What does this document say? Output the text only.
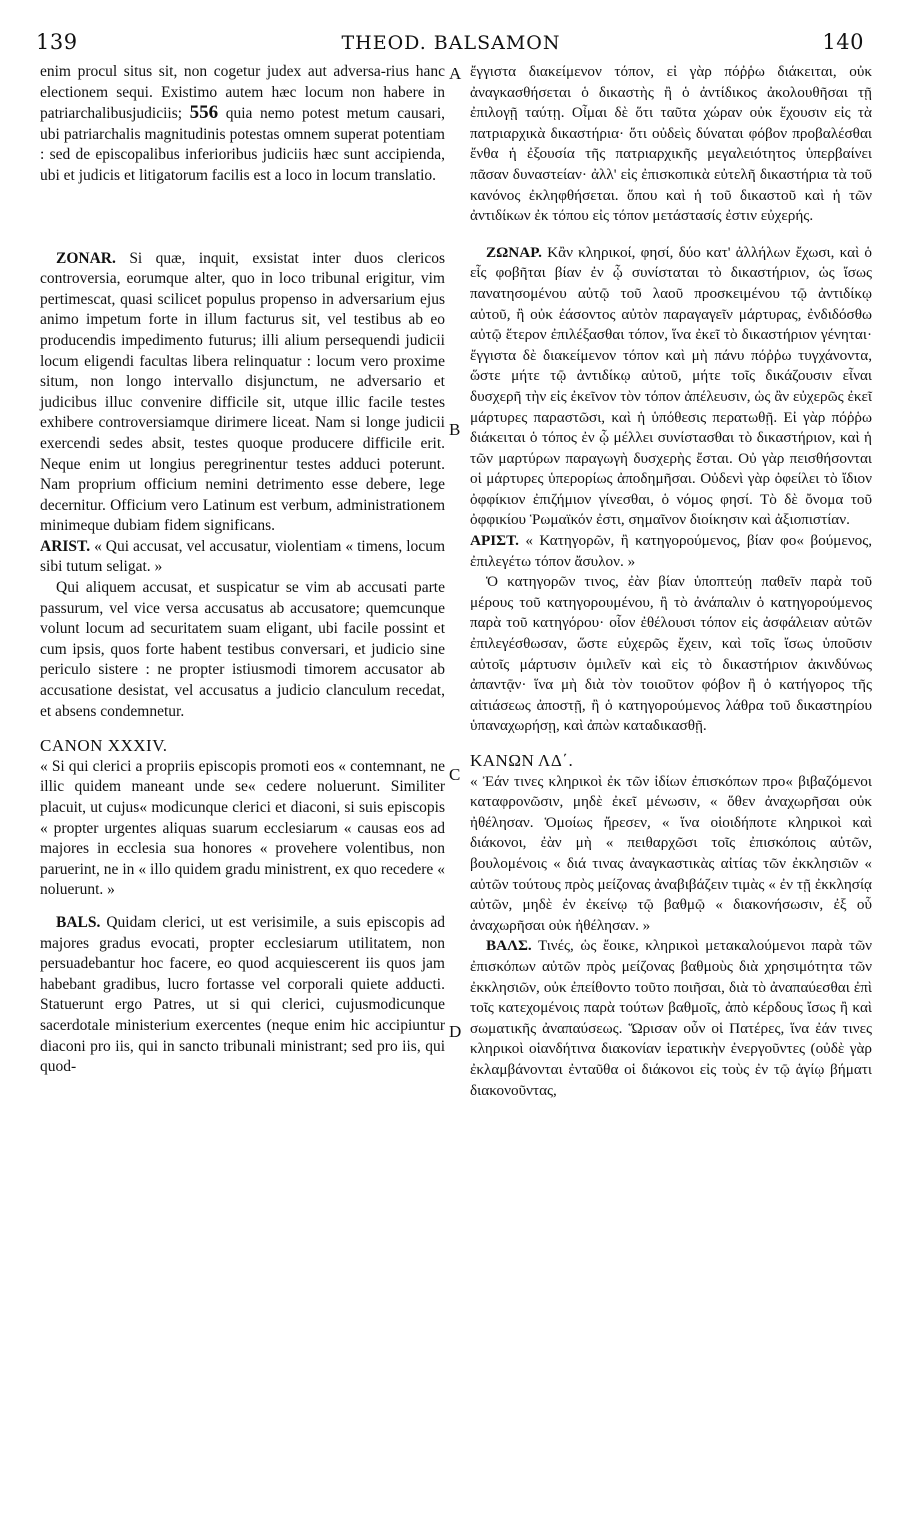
139	THEOD. BALSAMON	140
A
B
C
D

enim procul situs sit, non cogetur judex aut adversa-rius hanc electionem sequi. Existimo autem hæc locum non habere in patriarchalibusjudiciis; 556 quia nemo potest metum causari, ubi patriarchalis magnitudinis potestas omnem superat potentiam : sed de episcopalibus inferioribus judiciis hæc sunt accipienda, ubi et judicis et litigatorum facilis est a loco in locum translatio.

ZONAR. Si quæ, inquit, exsistat inter duos clericos controversia, eorumque alter, quo in loco tribunal erigitur, vim pertimescat, quasi scilicet populus propenso in adversarium ejus animo impetum forte in illum facturus sit, vel testibus ab eo producendis impedimento futurus; illi alium persequendi judicii locum eligendi facultas libera relinquatur : locum vero proxime situm, non longo intervallo disjunctum, ne adversario et judicibus illuc convenire difficile sit, utque illic facile testes exhibere controversiamque dirimere liceat. Nam si longe judicii exercendi sedes absit, testes quoque producere difficile erit. Neque enim ut longius peregrinentur testes adduci poterunt. Nam proprium officium nemini detrimento esse debere, lege decernitur. Officium vero Latinum est verbum, administrationem minimeque dubiam fidem significans.

ARIST. « Qui accusat, vel accusatur, violentiam « timens, locum sibi tutum seligat. »

Qui aliquem accusat, et suspicatur se vim ab accusati parte passurum, vel vice versa accusatus ab accusatore; quemcunque volunt locum ad securitatem suam eligant, ubi facile possint et cum ipsis, quos forte habent testibus conversari, et judicio sine periculo sistere : ne propter istiusmodi timorem accusator ab accusatione desistat, vel accusatus a judicio clanculum recedat, et absens condemnetur.

CANON XXXIV.

« Si qui clerici a propriis episcopis promoti eos « contemnant, ne illic quidem maneant unde se« cedere noluerunt. Similiter placuit, ut cujus« modicunque clerici et diaconi, si suis episcopis « propter urgentes aliquas suarum ecclesiarum « causas eos ad majores in ecclesia sua honores « provehere volentibus, non paruerint, ne in « illo quidem gradu ministrent, ex quo recedere « noluerunt. »

BALS. Quidam clerici, ut est verisimile, a suis episcopis ad majores gradus evocati, propter ecclesiarum utilitatem, non persuadebantur hoc facere, eo quod acquiescerent iis quos jam habebant gradibus, lucro fortasse vel corporali quiete adducti. Statuerunt ergo Patres, ut si qui clerici, cujusmodicunque sacerdotale ministerium exercentes (neque enim hic accipiuntur diaconi pro iis, qui in sancto tribunali ministrant; sed pro iis, qui quod-

ἔγγιστα διακείμενον τόπον, εἰ γὰρ πόῤῥω διάκειται, οὐκ ἀναγκασθήσεται ὁ δικαστὴς ἢ ὁ ἀντίδικος ἀκολουθῆσαι τῇ ἐπιλογῇ ταύτῃ. Οἶμαι δὲ ὅτι ταῦτα χώραν οὐκ ἔχουσιν εἰς τὰ πατριαρχικὰ δικαστήρια· ὅτι οὐδεὶς δύναται φόβον προβαλέσθαι ἔνθα ἡ ἐξουσία τῆς πατριαρχικῆς μεγαλειότητος ὑπερβαίνει πᾶσαν δυναστείαν· ἀλλ' εἰς ἐπισκοπικὰ εὐτελῆ δικαστήρια τὰ τοῦ κανόνος ἐκληφθήσεται. ὅπου καὶ ἡ τοῦ δικαστοῦ καὶ ἡ τῶν ἀντιδίκων ἐκ τόπου εἰς τόπον μετάστασίς ἐστιν εὐχερής.

ΖΩΝΑΡ. Κἂν κληρικοί, φησί, δύο κατ' ἀλλήλων ἔχωσι, καὶ ὁ εἷς φοβῆται βίαν ἐν ᾧ συνίσταται τὸ δικαστήριον, ὡς ἴσως πανατησομένου αὐτῷ τοῦ λαοῦ προσκειμένου τῷ ἀντιδίκῳ αὐτοῦ, ἢ οὐκ ἐάσοντος αὐτὸν παραγαγεῖν μάρτυρας, ἐνδιδόσθω αὐτῷ ἕτερον ἐπιλέξασθαι τόπον, ἵνα ἐκεῖ τὸ δικαστήριον γένηται· ἔγγιστα δὲ διακείμενον τόπον καὶ μὴ πάνυ πόῤῥω τυγχάνοντα, ὥστε μήτε τῷ ἀντιδίκῳ αὐτοῦ, μήτε τοῖς δικάζουσιν εἶναι δυσχερῆ τὴν εἰς ἐκεῖνον τὸν τόπον ἀπέλευσιν, ὡς ἂν εὐχερῶς ἐκεῖ μάρτυρες παραστῶσι, καὶ ἡ ὑπόθεσις περατωθῇ. Εἰ γὰρ πόῤῥω διάκειται ὁ τόπος ἐν ᾧ μέλλει συνίστασθαι τὸ δικαστήριον, καὶ ἡ τῶν μαρτύρων παραγωγὴ δυσχερὴς ἔσται. Οὐ γὰρ πεισθήσονται οἱ μάρτυρες ὑπερορίως ἀποδημῆσαι. Οὐδενὶ γὰρ ὀφείλει τὸ ἴδιον ὀφφίκιον ἐπιζήμιον γίνεσθαι, ὁ νόμος φησί. Τὸ δὲ ὄνομα τοῦ ὀφφικίου Ῥωμαϊκόν ἐστι, σημαῖνον διοίκησιν καὶ ἀξιοπιστίαν.

ΑΡΙΣΤ. « Κατηγορῶν, ἢ κατηγορούμενος, βίαν φο« βούμενος, ἐπιλεγέτω τόπον ἄσυλον. »

Ὁ κατηγορῶν τινος, ἐὰν βίαν ὑποπτεύῃ παθεῖν παρὰ τοῦ μέρους τοῦ κατηγορουμένου, ἢ τὸ ἀνάπαλιν ὁ κατηγορούμενος παρὰ τοῦ κατηγόρου· οἷον ἐθέλουσι τόπον εἰς ἀσφάλειαν αὐτῶν ἐπιλεγέσθωσαν, ὥστε εὐχερῶς ἔχειν, καὶ τοῖς ἴσως ὑποῦσιν αὐτοῖς μάρτυσιν ὁμιλεῖν καὶ εἰς τὸ δικαστήριον ἀκινδύνως ἀπαντᾷν· ἵνα μὴ διὰ τὸν τοιοῦτον φόβον ἢ ὁ κατήγορος τῆς αἰτιάσεως ἀποστῇ, ἢ ὁ κατηγορούμενος λάθρα τοῦ δικαστηρίου ὑπαναχωρήσῃ, καὶ ἀπὼν καταδικασθῇ.

ΚΑΝΩΝ ΛΔ΄.

« Ἐάν τινες κληρικοὶ ἐκ τῶν ἰδίων ἐπισκόπων προ« βιβαζόμενοι καταφρονῶσιν, μηδὲ ἐκεῖ μένωσιν, « ὅθεν ἀναχωρῆσαι οὐκ ἠθέλησαν. Ὁμοίως ἤρεσεν, « ἵνα οἱοιδήποτε κληρικοὶ καὶ διάκονοι, ἐὰν μὴ « πειθαρχῶσι τοῖς ἐπισκόποις αὐτῶν, βουλομένοις « διά τινας ἀναγκαστικὰς αἰτίας τῶν ἐκκλησιῶν « αὐτῶν τούτους πρὸς μείζονας ἀναβιβάζειν τιμὰς « ἐν τῇ ἐκκλησίᾳ αὐτῶν, μηδὲ ἐν ἐκείνῳ τῷ βαθμῷ « διακονήσωσιν, ἐξ οὗ ἀναχωρῆσαι οὐκ ἠθέλησαν. »

ΒΑΛΣ. Τινές, ὡς ἔοικε, κληρικοὶ μετακαλούμενοι παρὰ τῶν ἐπισκόπων αὐτῶν πρὸς μείζονας βαθμοὺς διὰ χρησιμότητα τῶν ἐκκλησιῶν, οὐκ ἐπείθοντο τοῦτο ποιῆσαι, διὰ τὸ ἀναπαύεσθαι ἐπὶ τοῖς κατεχομένοις παρὰ τούτων βαθμοῖς, ἀπὸ κέρδους ἴσως ἢ καὶ σωματικῆς ἀναπαύσεως. Ὥρισαν οὖν οἱ Πατέρες, ἵνα ἐάν τινες κληρικοὶ οἱανδήτινα διακονίαν ἱερατικὴν ἐνεργοῦντες (οὐδὲ γὰρ ἐκλαμβάνονται ἐνταῦθα οἱ διάκονοι εἰς τοὺς ἐν τῷ ἁγίῳ βήματι διακονοῦντας,
